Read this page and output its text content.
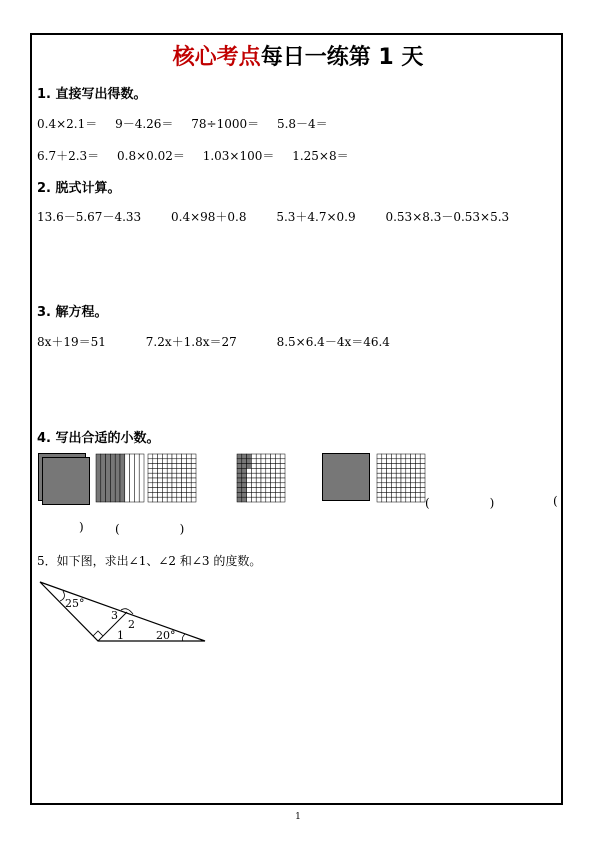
核心考点每日一练第 1 天
1. 直接写出得数。
0.4×2.1＝ 9－4.26＝ 78÷1000＝ 5.8－4＝
6.7＋2.3＝ 0.8×0.02＝ 1.03×100＝ 1.25×8＝
2. 脱式计算。
13.6－5.67－4.33 0.4×98＋0.8 5.3＋4.7×0.9 0.53×8.3－0.53×5.3
3. 解方程。
8x＋19＝51	7.2x＋1.8x＝27	8.5×6.4－4x＝46.4
4. 写出合适的小数。
(　　　　　)	(
)	(　　　　　)
5．如下图，求出∠1、∠2 和∠3 的度数。
25°
3
2
1	20°
1
